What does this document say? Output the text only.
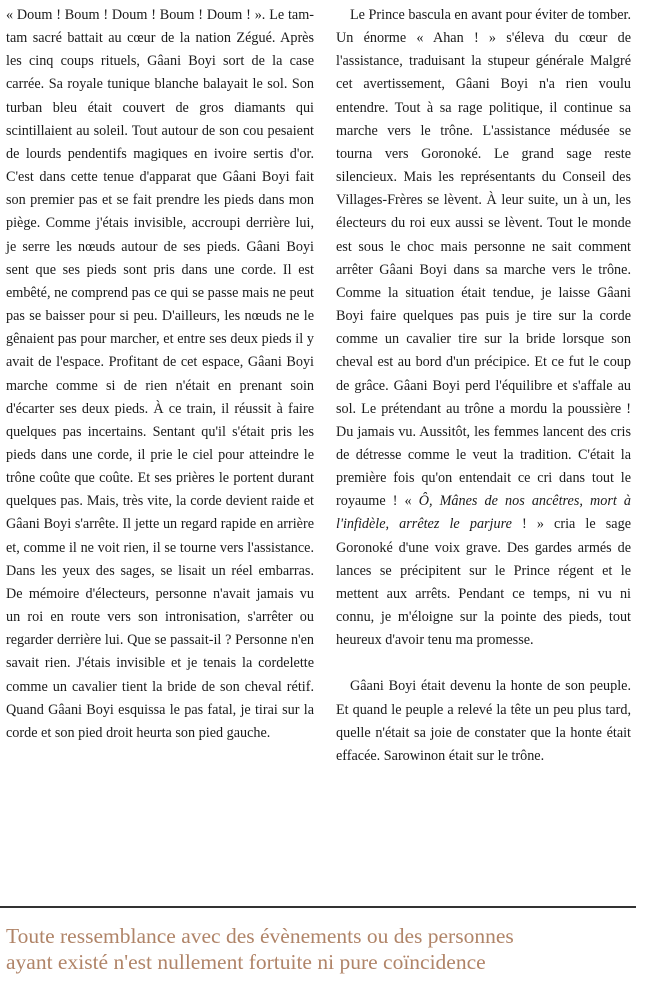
« Doum ! Boum ! Doum ! Boum ! Doum ! ». Le tam-tam sacré battait au cœur de la nation Zégué. Après les cinq coups rituels, Gâani Boyi sort de la case carrée. Sa royale tunique blanche balayait le sol. Son turban bleu était couvert de gros diamants qui scintillaient au soleil. Tout autour de son cou pesaient de lourds pendentifs magiques en ivoire sertis d'or. C'est dans cette tenue d'apparat que Gâani Boyi fait son premier pas et se fait prendre les pieds dans mon piège. Comme j'étais invisible, accroupi derrière lui, je serre les nœuds autour de ses pieds. Gâani Boyi sent que ses pieds sont pris dans une corde. Il est embêté, ne comprend pas ce qui se passe mais ne peut pas se baisser pour si peu. D'ailleurs, les nœuds ne le gênaient pas pour marcher, et entre ses deux pieds il y avait de l'espace. Profitant de cet espace, Gâani Boyi marche comme si de rien n'était en prenant soin d'écarter ses deux pieds. À ce train, il réussit à faire quelques pas incertains. Sentant qu'il s'était pris les pieds dans une corde, il prie le ciel pour atteindre le trône coûte que coûte. Et ses prières le portent durant quelques pas. Mais, très vite, la corde devient raide et Gâani Boyi s'arrête. Il jette un regard rapide en arrière et, comme il ne voit rien, il se tourne vers l'assistance. Dans les yeux des sages, se lisait un réel embarras. De mémoire d'électeurs, personne n'avait jamais vu un roi en route vers son intronisation, s'arrêter ou regarder derrière lui. Que se passait-il ? Personne n'en savait rien. J'étais invisible et je tenais la cordelette comme un cavalier tient la bride de son cheval rétif. Quand Gâani Boyi esquissa le pas fatal, je tirai sur la corde et son pied droit heurta son pied gauche.

Le Prince bascula en avant pour éviter de tomber. Un énorme « Ahan ! » s'éleva du cœur de l'assistance, traduisant la stupeur générale Malgré cet avertissement, Gâani Boyi n'a rien voulu entendre. Tout à sa rage politique, il continue sa marche vers le trône. L'assistance médusée se tourna vers Goronoké. Le grand sage reste silencieux. Mais les représentants du Conseil des Villages-Frères se lèvent. À leur suite, un à un, les électeurs du roi eux aussi se lèvent. Tout le monde est sous le choc mais personne ne sait comment arrêter Gâani Boyi dans sa marche vers le trône. Comme la situation était tendue, je laisse Gâani Boyi faire quelques pas puis je tire sur la corde comme un cavalier tire sur la bride lorsque son cheval est au bord d'un précipice. Et ce fut le coup de grâce. Gâani Boyi perd l'équilibre et s'affale au sol. Le prétendant au trône a mordu la poussière ! Du jamais vu. Aussitôt, les femmes lancent des cris de détresse comme le veut la tradition. C'était la première fois qu'on entendait ce cri dans tout le royaume ! « Ô, Mânes de nos ancêtres, mort à l'infidèle, arrêtez le parjure ! » cria le sage Goronoké d'une voix grave. Des gardes armés de lances se précipitent sur le Prince régent et le mettent aux arrêts. Pendant ce temps, ni vu ni connu, je m'éloigne sur la pointe des pieds, tout heureux d'avoir tenu ma promesse.

Gâani Boyi était devenu la honte de son peuple. Et quand le peuple a relevé la tête un peu plus tard, quelle n'était sa joie de constater que la honte était effacée. Sarowinon était sur le trône.

Toute ressemblance avec des évènements ou des personnes
ayant existé n'est nullement fortuite ni pure coïncidence
